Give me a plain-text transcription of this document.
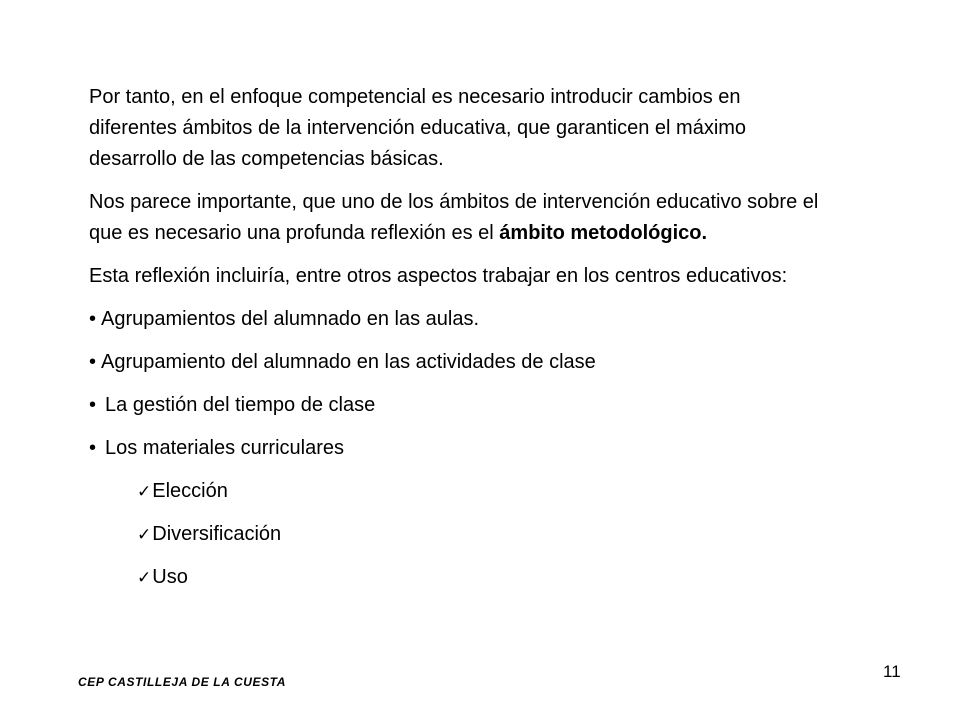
Por tanto, en el enfoque competencial es necesario introducir cambios en diferentes ámbitos de la intervención educativa, que garanticen el máximo desarrollo de las competencias básicas.

Nos parece importante, que uno de los ámbitos de intervención educativo sobre el que es necesario una profunda reflexión es el ámbito metodológico.

Esta reflexión incluiría, entre otros aspectos trabajar en los centros educativos:

• Agrupamientos del alumnado en las aulas.
• Agrupamiento del alumnado en las actividades de clase
• La gestión del tiempo de clase
• Los materiales curriculares
✓Elección
✓Diversificación
✓Uso
CEP CASTILLEJA DE LA CUESTA
11
